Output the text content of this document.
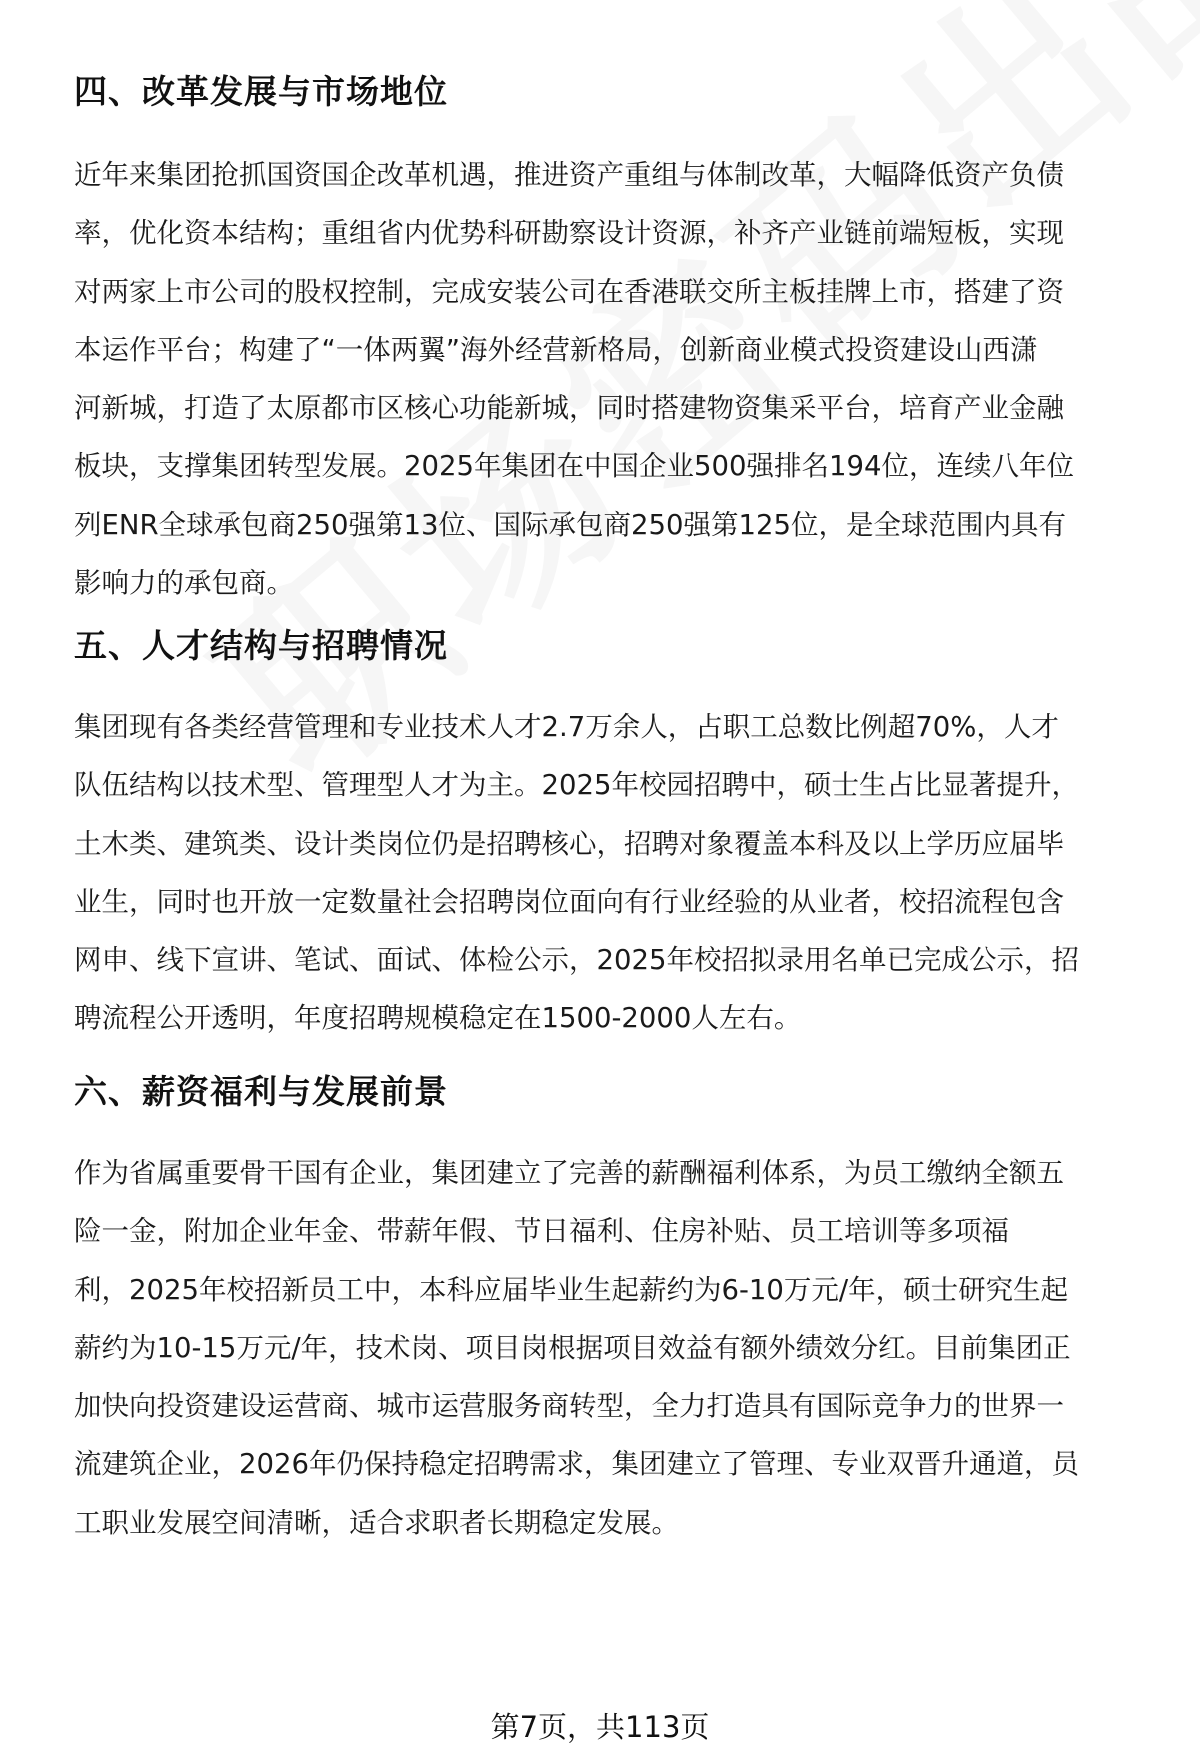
四、改革发展与市场地位
近年来集团抢抓国资国企改革机遇，推进资产重组与体制改革，大幅降低资产负债
率，优化资本结构；重组省内优势科研勘察设计资源，补齐产业链前端短板，实现
对两家上市公司的股权控制，完成安装公司在香港联交所主板挂牌上市，搭建了资
本运作平台；构建了“一体两翼”海外经营新格局，创新商业模式投资建设山西潇
河新城，打造了太原都市区核心功能新城，同时搭建物资集采平台，培育产业金融
板块，支撑集团转型发展。2025年集团在中国企业500强排名194位，连续八年位
列ENR全球承包商250强第13位、国际承包商250强第125位，是全球范围内具有
影响力的承包商。
五、人才结构与招聘情况
集团现有各类经营管理和专业技术人才2.7万余人，占职工总数比例超70%，人才
队伍结构以技术型、管理型人才为主。2025年校园招聘中，硕士生占比显著提升，
土木类、建筑类、设计类岗位仍是招聘核心，招聘对象覆盖本科及以上学历应届毕
业生，同时也开放一定数量社会招聘岗位面向有行业经验的从业者，校招流程包含
网申、线下宣讲、笔试、面试、体检公示，2025年校招拟录用名单已完成公示，招
聘流程公开透明，年度招聘规模稳定在1500-2000人左右。
六、薪资福利与发展前景
作为省属重要骨干国有企业，集团建立了完善的薪酬福利体系，为员工缴纳全额五
险一金，附加企业年金、带薪年假、节日福利、住房补贴、员工培训等多项福
利，2025年校招新员工中，本科应届毕业生起薪约为6-10万元/年，硕士研究生起
薪约为10-15万元/年，技术岗、项目岗根据项目效益有额外绩效分红。目前集团正
加快向投资建设运营商、城市运营服务商转型，全力打造具有国际竞争力的世界一
流建筑企业，2026年仍保持稳定招聘需求，集团建立了管理、专业双晋升通道，员
工职业发展空间清晰，适合求职者长期稳定发展。
第7页，共113页
